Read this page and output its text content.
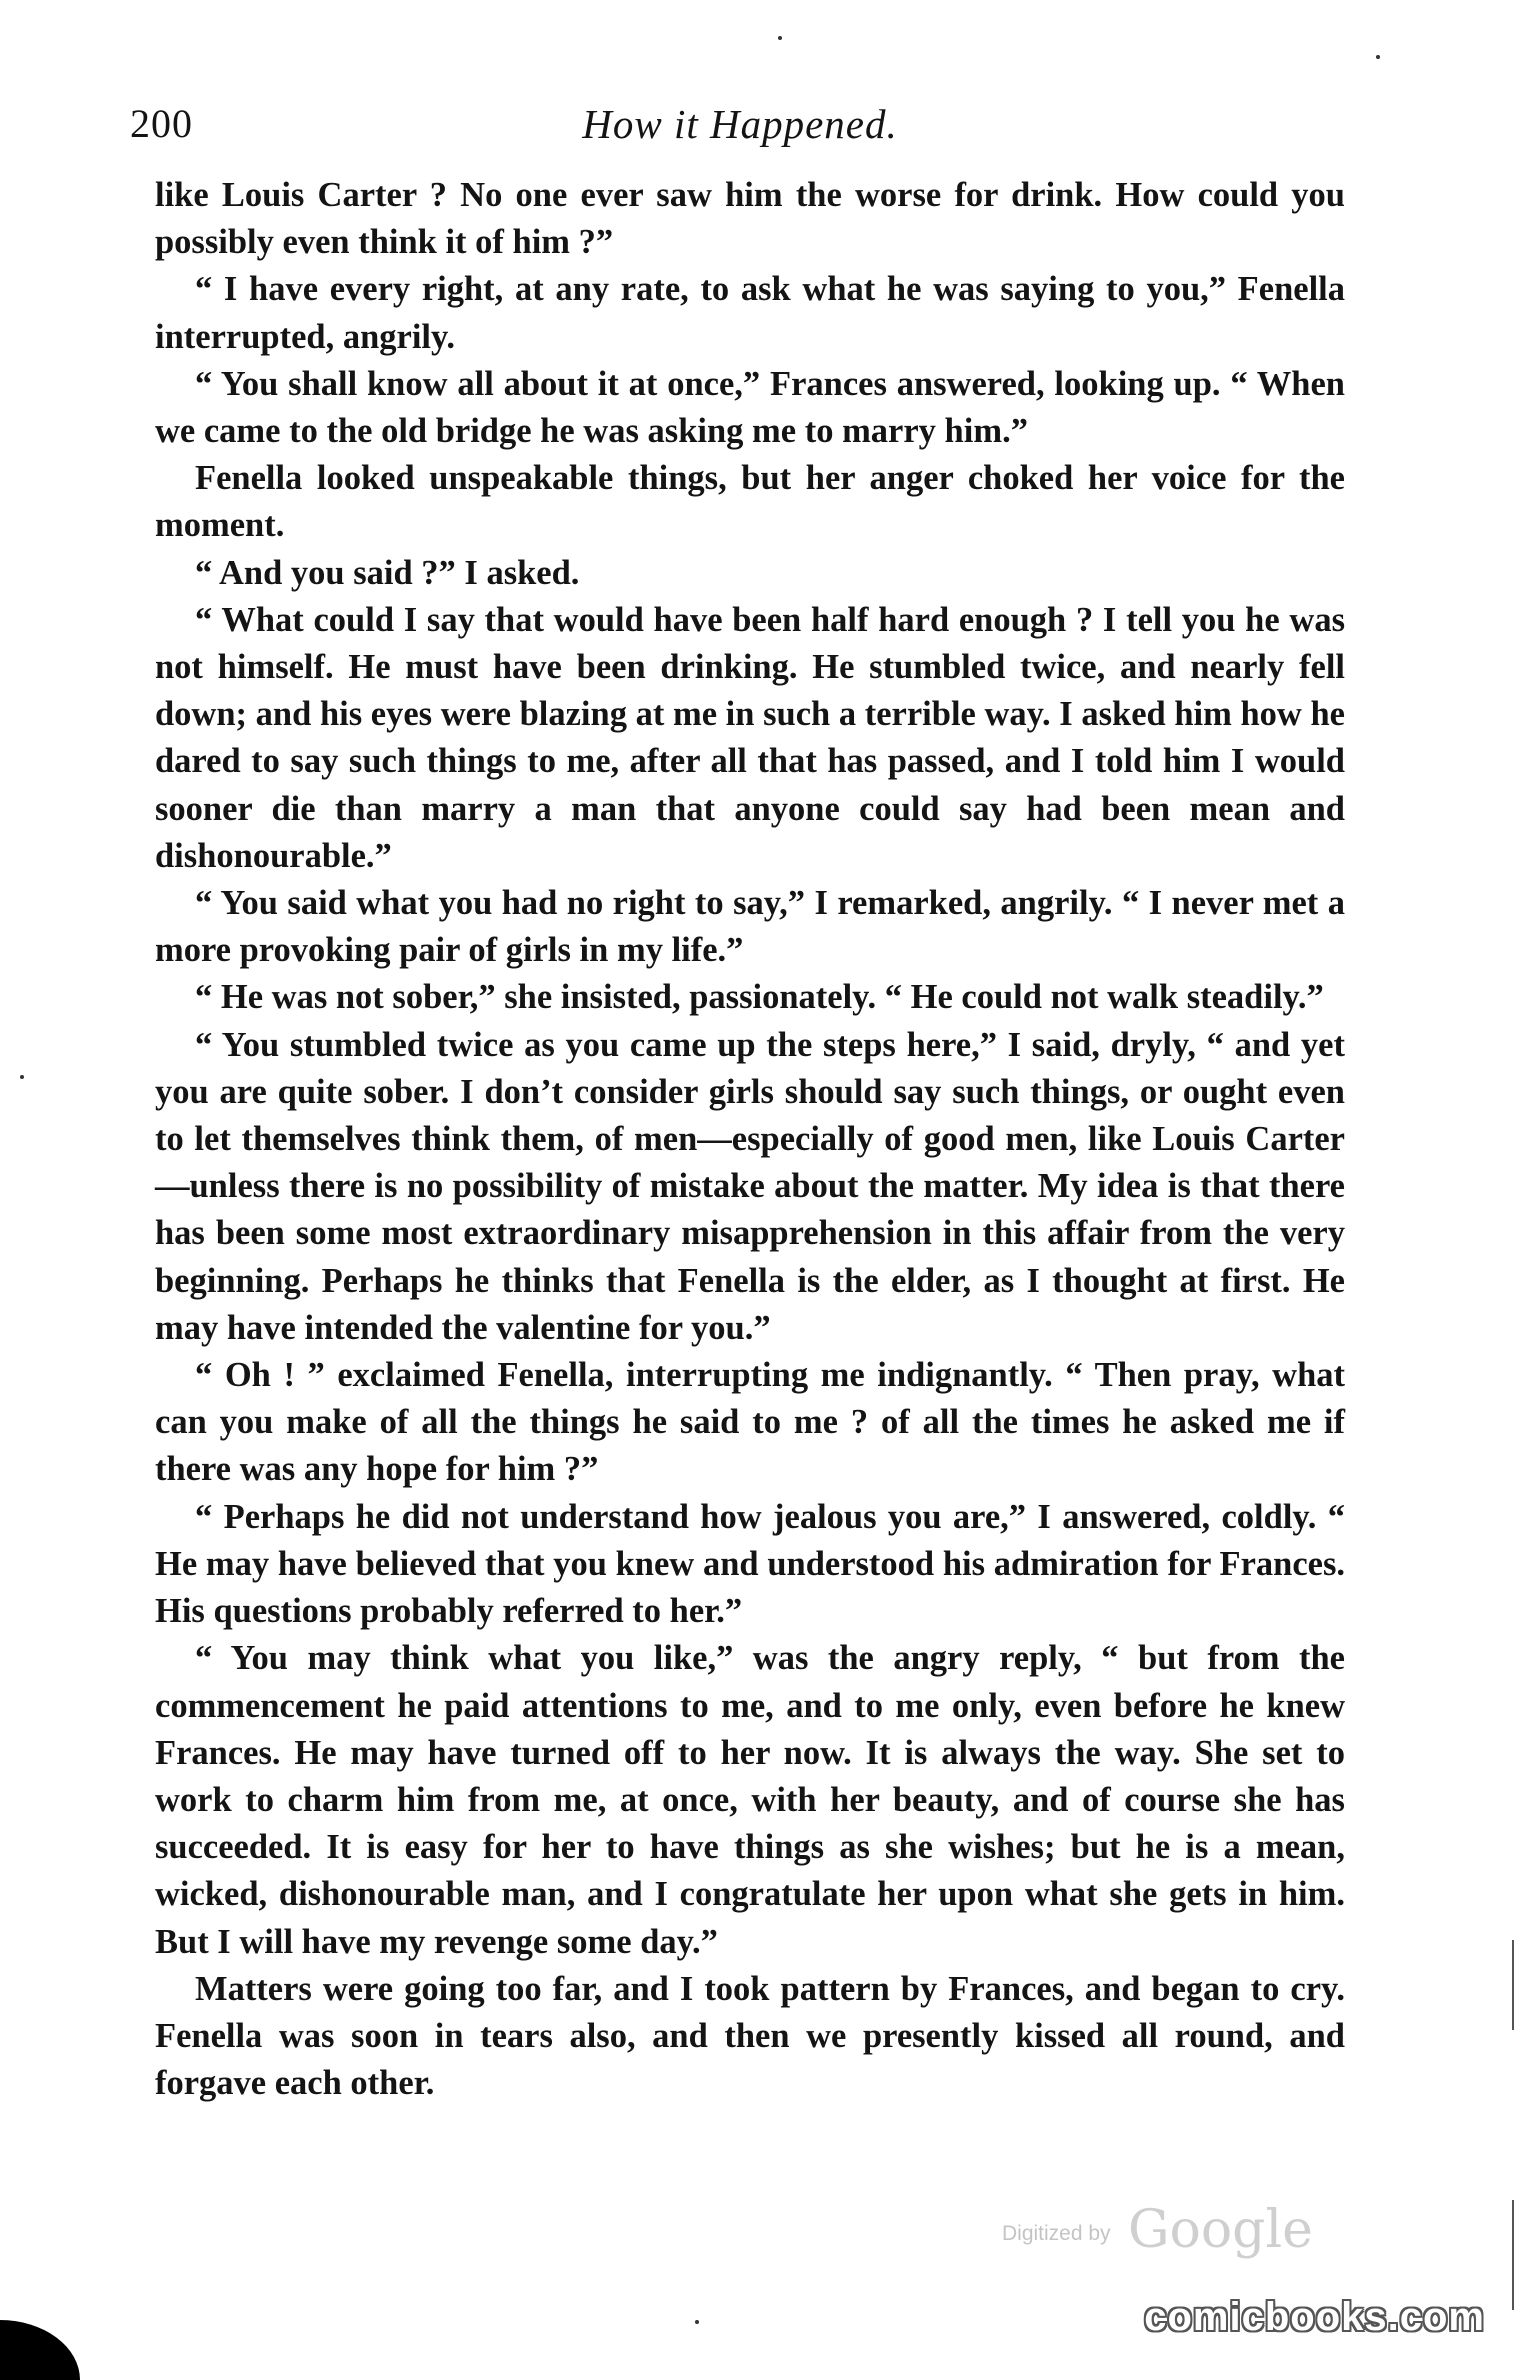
200	How it Happened.

like Louis Carter ? No one ever saw him the worse for drink. How could you possibly even think it of him ?”

“ I have every right, at any rate, to ask what he was saying to you,” Fenella interrupted, angrily.

“ You shall know all about it at once,” Frances answered, looking up. “ When we came to the old bridge he was asking me to marry him.”

Fenella looked unspeakable things, but her anger choked her voice for the moment.

“ And you said ?” I asked.

“ What could I say that would have been half hard enough ? I tell you he was not himself. He must have been drinking. He stumbled twice, and nearly fell down; and his eyes were blazing at me in such a terrible way. I asked him how he dared to say such things to me, after all that has passed, and I told him I would sooner die than marry a man that anyone could say had been mean and dishonourable.”

“ You said what you had no right to say,” I remarked, angrily. “ I never met a more provoking pair of girls in my life.”

“ He was not sober,” she insisted, passionately. “ He could not walk steadily.”

“ You stumbled twice as you came up the steps here,” I said, dryly, “ and yet you are quite sober. I don’t consider girls should say such things, or ought even to let themselves think them, of men—especially of good men, like Louis Carter—unless there is no possibility of mistake about the matter. My idea is that there has been some most extraordinary misapprehension in this affair from the very beginning. Perhaps he thinks that Fenella is the elder, as I thought at first. He may have intended the valentine for you.”

“ Oh ! ” exclaimed Fenella, interrupting me indignantly. “ Then pray, what can you make of all the things he said to me ? of all the times he asked me if there was any hope for him ?”

“ Perhaps he did not understand how jealous you are,” I answered, coldly. “ He may have believed that you knew and understood his admiration for Frances. His questions probably referred to her.”

“ You may think what you like,” was the angry reply, “ but from the commencement he paid attentions to me, and to me only, even before he knew Frances. He may have turned off to her now. It is always the way. She set to work to charm him from me, at once, with her beauty, and of course she has succeeded. It is easy for her to have things as she wishes; but he is a mean, wicked, dishonourable man, and I congratulate her upon what she gets in him. But I will have my revenge some day.”

Matters were going too far, and I took pattern by Frances, and began to cry. Fenella was soon in tears also, and then we presently kissed all round, and forgave each other.

Digitized by Google
comicbooks.com
